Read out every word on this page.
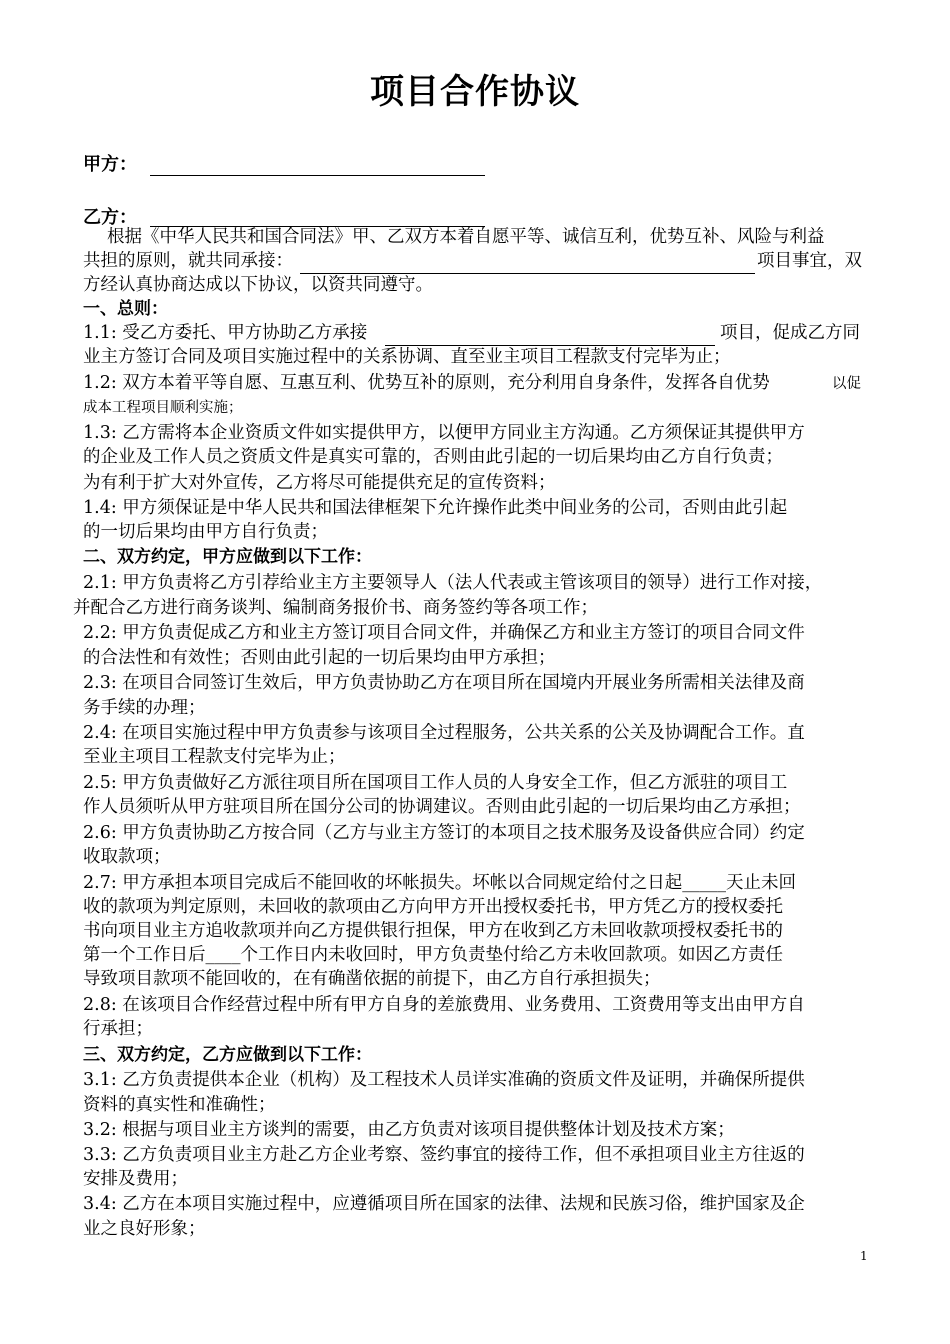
项目合作协议
甲方：
乙方：
根据《中华人民共和国合同法》甲、乙双方本着自愿平等、诚信互利，优势互补、风险与利益
共担的原则，就共同承接：	项目事宜，双
方经认真协商达成以下协议，以资共同遵守。
一、总则：
1.1: 受乙方委托、甲方协助乙方承接	项目，促成乙方同
业主方签订合同及项目实施过程中的关系协调、直至业主项目工程款支付完毕为止；
1.2: 双方本着平等自愿、互惠互利、优势互补的原则，充分利用自身条件，发挥各自优势	以促
成本工程项目顺利实施；
1.3: 乙方需将本企业资质文件如实提供甲方，以便甲方同业主方沟通。乙方须保证其提供甲方
的企业及工作人员之资质文件是真实可靠的，否则由此引起的一切后果均由乙方自行负责；
为有利于扩大对外宣传，乙方将尽可能提供充足的宣传资料；
1.4: 甲方须保证是中华人民共和国法律框架下允许操作此类中间业务的公司，否则由此引起
的一切后果均由甲方自行负责；
二、双方约定，甲方应做到以下工作：
2.1: 甲方负责将乙方引荐给业主方主要领导人（法人代表或主管该项目的领导）进行工作对接，
并配合乙方进行商务谈判、编制商务报价书、商务签约等各项工作；
2.2: 甲方负责促成乙方和业主方签订项目合同文件，并确保乙方和业主方签订的项目合同文件
的合法性和有效性；否则由此引起的一切后果均由甲方承担；
2.3: 在项目合同签订生效后，甲方负责协助乙方在项目所在国境内开展业务所需相关法律及商
务手续的办理；
2.4: 在项目实施过程中甲方负责参与该项目全过程服务，公共关系的公关及协调配合工作。直
至业主项目工程款支付完毕为止；
2.5: 甲方负责做好乙方派往项目所在国项目工作人员的人身安全工作，但乙方派驻的项目工
作人员须听从甲方驻项目所在国分公司的协调建议。否则由此引起的一切后果均由乙方承担；
2.6: 甲方负责协助乙方按合同（乙方与业主方签订的本项目之技术服务及设备供应合同）约定
收取款项；
2.7: 甲方承担本项目完成后不能回收的坏帐损失。坏帐以合同规定给付之日起_____天止未回
收的款项为判定原则，未回收的款项由乙方向甲方开出授权委托书，甲方凭乙方的授权委托
书向项目业主方追收款项并向乙方提供银行担保，甲方在收到乙方未回收款项授权委托书的
第一个工作日后____个工作日内未收回时，甲方负责垫付给乙方未收回款项。如因乙方责任
导致项目款项不能回收的，在有确凿依据的前提下，由乙方自行承担损失；
2.8: 在该项目合作经营过程中所有甲方自身的差旅费用、业务费用、工资费用等支出由甲方自
行承担；
三、双方约定，乙方应做到以下工作：
3.1: 乙方负责提供本企业（机构）及工程技术人员详实准确的资质文件及证明，并确保所提供
资料的真实性和准确性；
3.2: 根据与项目业主方谈判的需要，由乙方负责对该项目提供整体计划及技术方案；
3.3: 乙方负责项目业主方赴乙方企业考察、签约事宜的接待工作，但不承担项目业主方往返的
安排及费用；
3.4: 乙方在本项目实施过程中，应遵循项目所在国家的法律、法规和民族习俗，维护国家及企
业之良好形象；
1
